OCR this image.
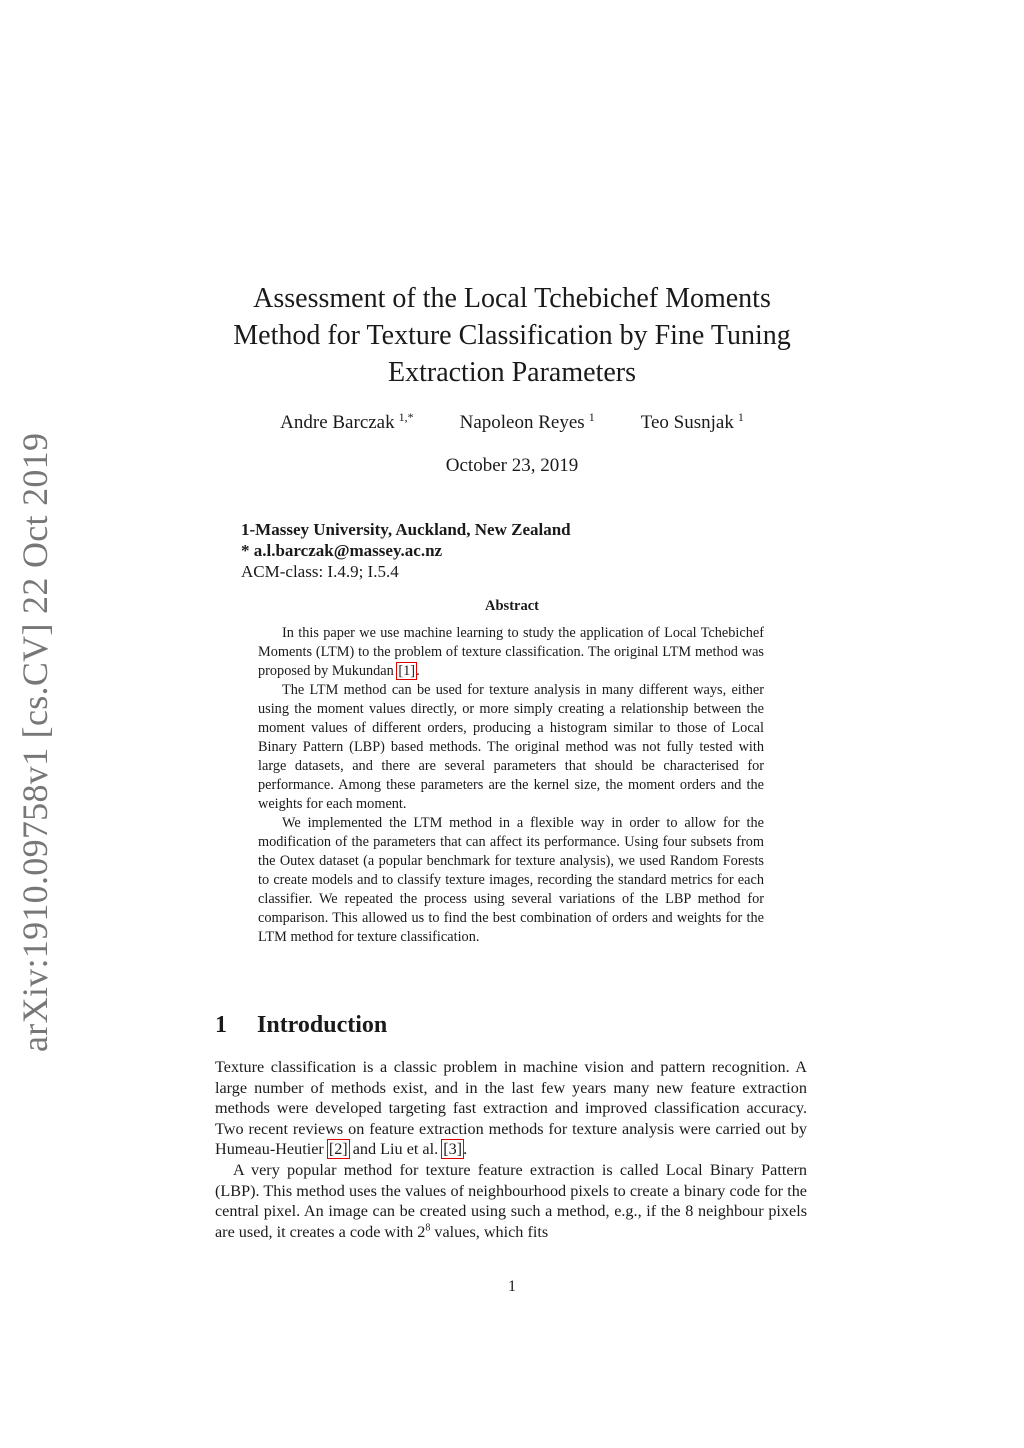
arXiv:1910.09758v1 [cs.CV] 22 Oct 2019
Assessment of the Local Tchebichef Moments
Method for Texture Classification by Fine Tuning
Extraction Parameters
Andre Barczak $^{1,*}$ Napoleon Reyes $^1$ Teo Susnjak $^1$
October 23, 2019
1-Massey University, Auckland, New Zealand
* a.l.barczak@massey.ac.nz
ACM-class: I.4.9; I.5.4
Abstract

In this paper we use machine learning to study the application of Local Tchebichef Moments (LTM) to the problem of texture classification. The original LTM method was proposed by Mukundan [1].

The LTM method can be used for texture analysis in many different ways, either using the moment values directly, or more simply creating a relationship between the moment values of different orders, producing a histogram similar to those of Local Binary Pattern (LBP) based methods. The original method was not fully tested with large datasets, and there are several parameters that should be characterised for performance. Among these parameters are the kernel size, the moment orders and the weights for each moment.

We implemented the LTM method in a flexible way in order to allow for the modification of the parameters that can affect its performance. Using four subsets from the Outex dataset (a popular benchmark for texture analysis), we used Random Forests to create models and to classify texture images, recording the standard metrics for each classifier. We repeated the process using several variations of the LBP method for comparison. This allowed us to find the best combination of orders and weights for the LTM method for texture classification.

1 Introduction

Texture classification is a classic problem in machine vision and pattern recognition. A large number of methods exist, and in the last few years many new feature extraction methods were developed targeting fast extraction and improved classification accuracy. Two recent reviews on feature extraction methods for texture analysis were carried out by Humeau-Heutier [2] and Liu et al. [3].

A very popular method for texture feature extraction is called Local Binary Pattern (LBP). This method uses the values of neighbourhood pixels to create a binary code for the central pixel. An image can be created using such a method, e.g., if the 8 neighbour pixels are used, it creates a code with $2^8$ values, which fits

1
